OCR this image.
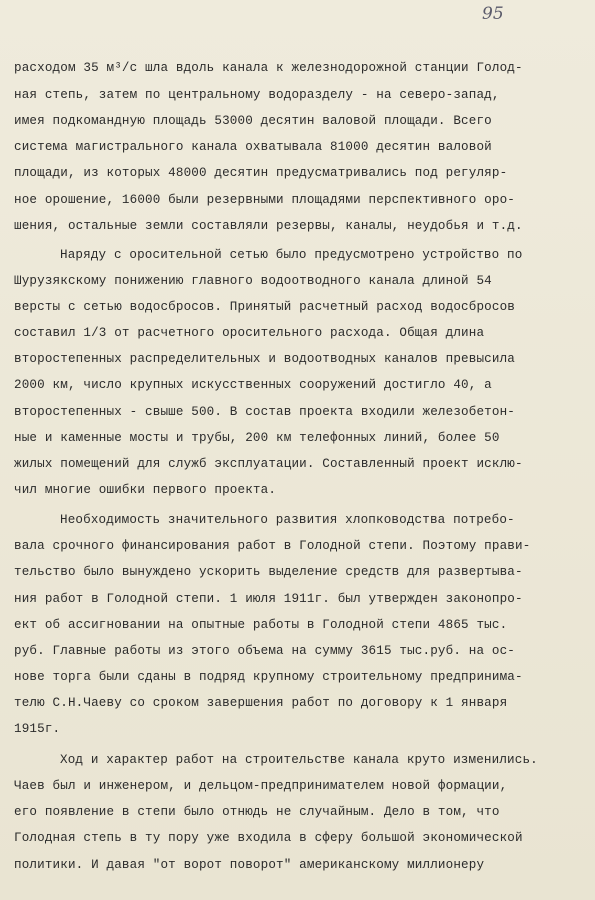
95
расходом 35 м³/с шла вдоль канала к железнодорожной станции Голод-
ная степь, затем по центральному водоразделу - на северо-запад,
имея подкомандную площадь 53000 десятин валовой площади. Всего
система магистрального канала охватывала 81000 десятин валовой
площади, из которых 48000 десятин предусматривались под регуляр-
ное орошение, 16000 были резервными площадями перспективного оро-
шения, остальные земли составляли резервы, каналы, неудобья и т.д.
Наряду с оросительной сетью было предусмотрено устройство по
Шурузякскому понижению главного водоотводного канала длиной 54
версты с сетью водосбросов. Принятый расчетный расход водосбросов
составил 1/3 от расчетного оросительного расхода. Общая длина
второстепенных распределительных и водоотводных каналов превысила
2000 км, число крупных искусственных сооружений достигло 40, а
второстепенных - свыше 500. В состав проекта входили железобетон-
ные и каменные мосты и трубы, 200 км телефонных линий, более 50
жилых помещений для служб эксплуатации. Составленный проект исклю-
чил многие ошибки первого проекта.
Необходимость значительного развития хлопководства потребо-
вала срочного финансирования работ в Голодной степи. Поэтому прави-
тельство было вынуждено ускорить выделение средств для развертыва-
ния работ в Голодной степи. 1 июля 1911г. был утвержден законопро-
ект об ассигновании на опытные работы в Голодной степи 4865 тыс.
руб. Главные работы из этого объема на сумму 3615 тыс.руб. на ос-
нове торга были сданы в подряд крупному строительному предпринима-
телю С.Н.Чаеву со сроком завершения работ по договору к 1 января
1915г.
Ход и характер работ на строительстве канала круто изменились.
Чаев был и инженером, и дельцом-предпринимателем новой формации,
его появление в степи было отнюдь не случайным. Дело в том, что
Голодная степь в ту пору уже входила в сферу большой экономической
политики. И давая "от ворот поворот" американскому миллионеру
